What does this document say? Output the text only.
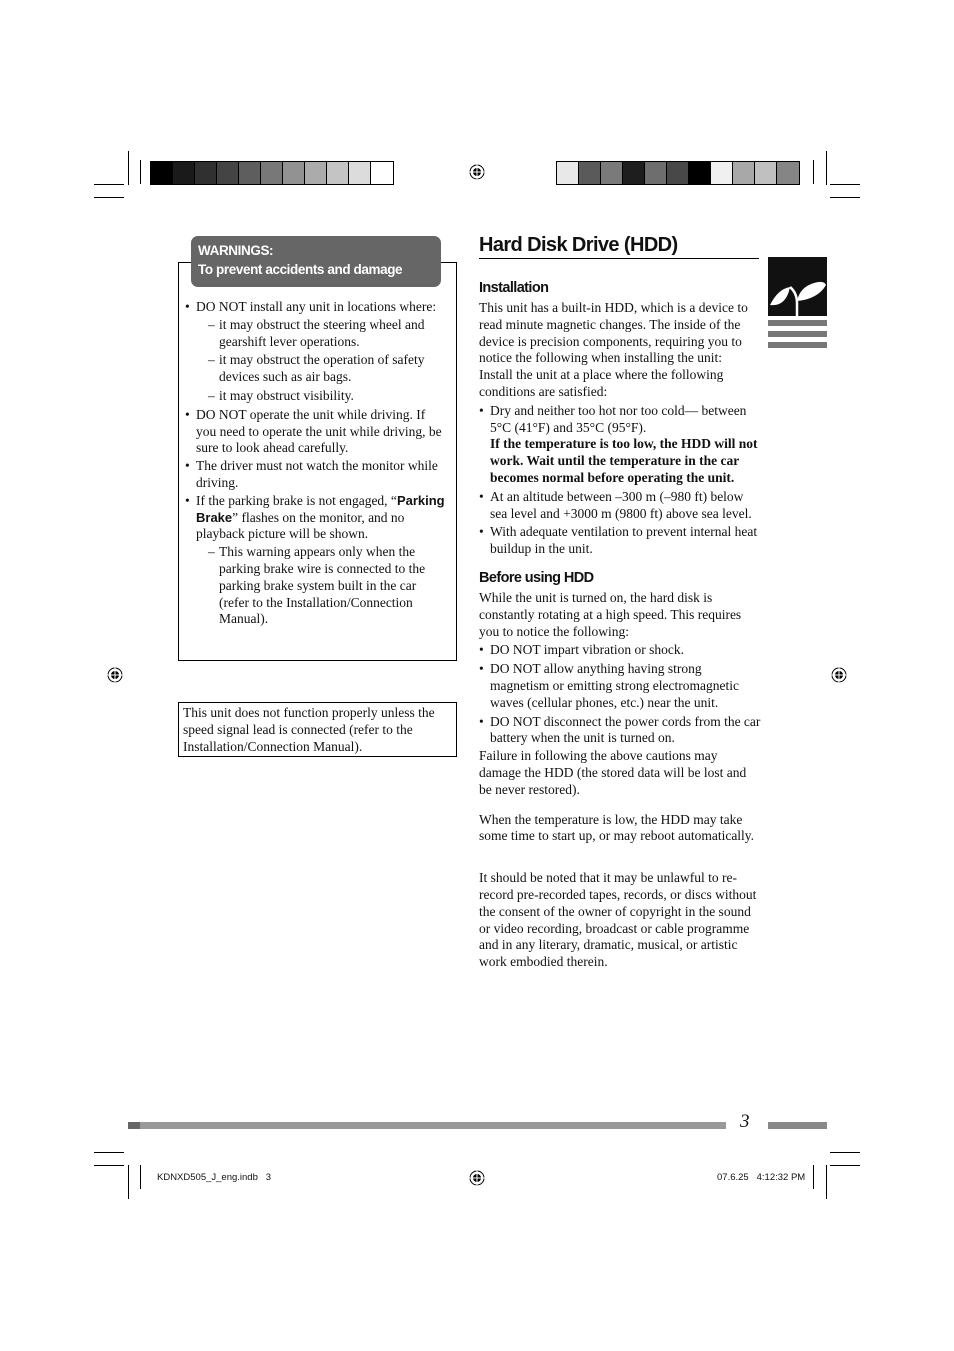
WARNINGS:
To prevent accidents and damage
• DO NOT install any unit in locations where:
– it may obstruct the steering wheel and gearshift lever operations.
– it may obstruct the operation of safety devices such as air bags.
– it may obstruct visibility.
• DO NOT operate the unit while driving. If you need to operate the unit while driving, be sure to look ahead carefully.
• The driver must not watch the monitor while driving.
• If the parking brake is not engaged, “Parking Brake” flashes on the monitor, and no playback picture will be shown.
– This warning appears only when the parking brake wire is connected to the parking brake system built in the car (refer to the Installation/Connection Manual).
This unit does not function properly unless the speed signal lead is connected (refer to the Installation/Connection Manual).
Hard Disk Drive (HDD)
Installation
This unit has a built-in HDD, which is a device to read minute magnetic changes. The inside of the device is precision components, requiring you to notice the following when installing the unit:
Install the unit at a place where the following conditions are satisfied:
• Dry and neither too hot nor too cold— between 5°C (41°F) and 35°C (95°F).
If the temperature is too low, the HDD will not work. Wait until the temperature in the car becomes normal before operating the unit.
• At an altitude between –300 m (–980 ft) below sea level and +3000 m (9800 ft) above sea level.
• With adequate ventilation to prevent internal heat buildup in the unit.
Before using HDD
While the unit is turned on, the hard disk is constantly rotating at a high speed. This requires you to notice the following:
• DO NOT impart vibration or shock.
• DO NOT allow anything having strong magnetism or emitting strong electromagnetic waves (cellular phones, etc.) near the unit.
• DO NOT disconnect the power cords from the car battery when the unit is turned on.
Failure in following the above cautions may damage the HDD (the stored data will be lost and be never restored).
When the temperature is low, the HDD may take some time to start up, or may reboot automatically.
It should be noted that it may be unlawful to re-record pre-recorded tapes, records, or discs without the consent of the owner of copyright in the sound or video recording, broadcast or cable programme and in any literary, dramatic, musical, or artistic work embodied therein.
3
KDNXD505_J_eng.indb   3	07.6.25   4:12:32 PM
